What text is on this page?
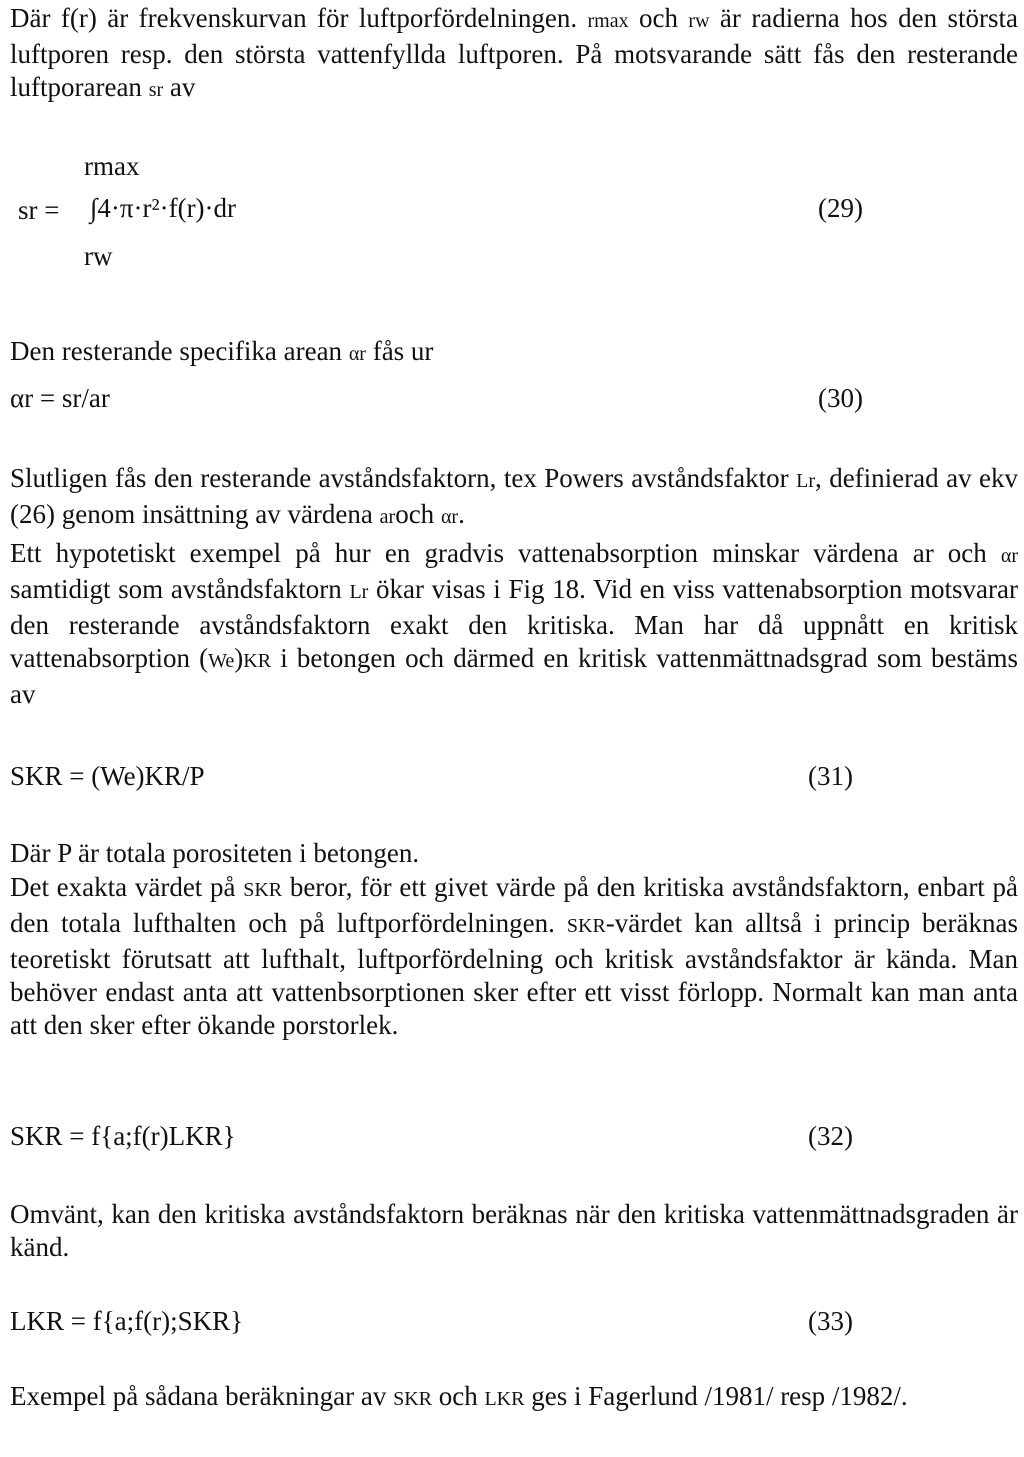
Där f(r) är frekvenskurvan för luftporfördelningen. rmax och rw är radierna hos den största luftporen resp. den största vattenfyllda luftporen. På motsvarande sätt fås den resterande luftporarean sr av

rmax
sr = ∫4·π·r²·f(r)·dr
rw
(29)

Den resterande specifika arean αr fås ur

αr = sr/ar	(30)

Slutligen fås den resterande avståndsfaktorn, tex Powers avståndsfaktor Lr, definierad av ekv (26) genom insättning av värdena aroch αr.

Ett hypotetiskt exempel på hur en gradvis vattenabsorption minskar värdena ar och αr samtidigt som avståndsfaktorn Lr ökar visas i Fig 18. Vid en viss vattenabsorption motsvarar den resterande avståndsfaktorn exakt den kritiska. Man har då uppnått en kritisk vattenabsorption (We)KR i betongen och därmed en kritisk vattenmättnadsgrad som bestäms av

SKR = (We)KR/P	(31)

Där P är totala porositeten i betongen.

Det exakta värdet på SKR beror, för ett givet värde på den kritiska avståndsfaktorn, enbart på den totala lufthalten och på luftporfördelningen. SKR-värdet kan alltså i princip beräknas teoretiskt förutsatt att lufthalt, luftporfördelning och kritisk avståndsfaktor är kända. Man behöver endast anta att vattenbsorptionen sker efter ett visst förlopp. Normalt kan man anta att den sker efter ökande porstorlek.

SKR = f{a;f(r)LKR}	(32)

Omvänt, kan den kritiska avståndsfaktorn beräknas när den kritiska vattenmättnadsgraden är känd.

LKR = f{a;f(r);SKR}	(33)

Exempel på sådana beräkningar av SKR och LKR ges i Fagerlund /1981/ resp /1982/.
